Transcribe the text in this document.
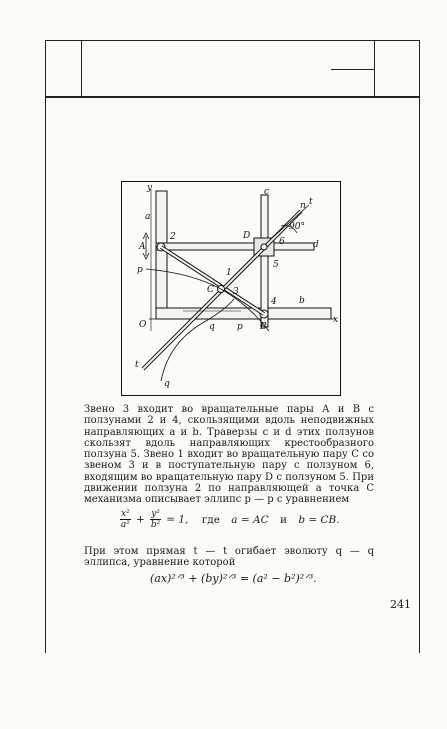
y
x
a
b
c
d
n t
t
q
q
p
p
A
B
C
D
O
1
2
3
4
5
6
90°

Звено 3 входит во вращательные пары A и B с ползунами 2 и 4, скользящими вдоль неподвижных направляющих a и b. Траверзы c и d этих ползунов скользят вдоль направляющих крестообразного ползуна 5. Звено 1 входит во вращательную пару C со звеном 3 и в поступательную пару с ползуном 6, входящим во вращательную пару D с ползуном 5. При движении ползуна 2 по направляющей a точка C механизма описывает эллипс p — p с уравнением

$\frac{\text{x²}}{\text{a²}} + \frac{\text{y²}}{\text{b²}} = 1$, где a = AC и b = CB.

При этом прямая t — t огибает эволюту q — q эллипса, уравнение которой

(ax)²ᐟ³ + (by)²ᐟ³ = (a² − b²)²ᐟ³.
241
